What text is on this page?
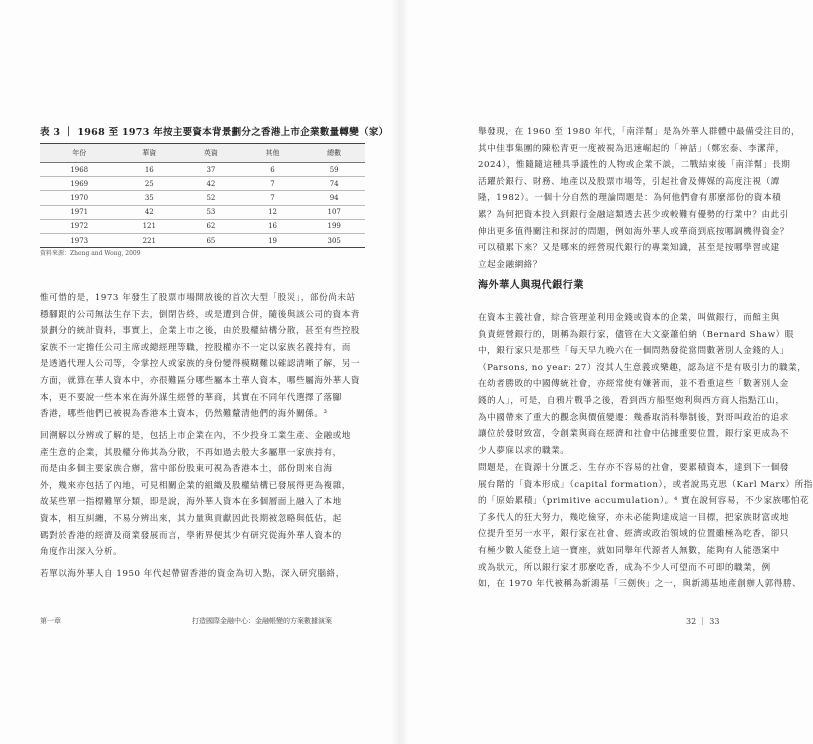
表 3 ｜ 1968 至 1973 年按主要資本背景劃分之香港上市企業數量轉變（家）
年份	華資	英資	其他	總數
1968	16	37	6	59
1969	25	42	7	74
1970	35	52	7	94
1971	42	53	12	107
1972	121	62	16	199
1973	221	65	19	305
資料來源：Zheng and Wong, 2009
惟可惜的是，1973 年發生了股票市場開放後的首次大型「股災」，部份尚未站
穩腳跟的公司無法生存下去，倒閉告終，或是遭到合併，隨後與該公司的資本背
景劃分的統計資料，事實上，企業上市之後，由於股權結構分散，甚至有些控股
家族不一定擔任公司主席或總經理等職，控股權亦不一定以家族名義持有，而
是透過代理人公司等，令掌控人或家族的身份變得模糊難以確認清晰了解，另一
方面，就算在華人資本中，亦很難區分哪些屬本土華人資本，哪些屬海外華人資
本，更不要說一些本來在海外謀生經營的華商，其實在不同年代選擇了落腳
香港，哪些他們已被視為香港本土資本，仍然難釐清他們的海外關係。³
回溯解以分辨或了解的是，包括上市企業在內，不少投身工業生產、金融或地
產生意的企業，其股權分佈其為分散，不再如過去般大多屬單一家族持有，
而是由多個主要家族合辦，當中部份股東可視為香港本土，部份則來自海
外，幾來亦包括了內地，可見相關企業的組織及股權結構已發展得更為複雜，
故某些單一指標難單分類，即是說，海外華人資本在多個層面上融入了本地
資本，相互糾纏，不易分辨出來，其力量與貢獻因此長期被忽略與低估，起
碼對於香港的經濟及商業發展而言，學術界便其少有研究從海外華人資本的
角度作出深入分析。
若單以海外華人自 1950 年代起帶留香港的資金為切入點，深入研究腦絡，
舉發現，在 1960 至 1980 年代，「南洋幫」是為外華人群體中最備受注目的，
其中佳事集團的陳松青更一度被視為迅速崛起的「神話」（鄭宏泰、李潔萍，
2024），惟隨隨這種具爭議性的人物或企業不談，二戰結束後「南洋幫」長期
活躍於銀行、財務、地產以及股票市場等，引起社會及傳媒的高度注視（譚
隆，1982）。一個十分自然的理論問題是：為何他們會有那麼部份的資本積
累？為何把資本投入到銀行金融這類透去甚少或較難有優勢的行業中？由此引
伸出更多值得關注和探討的問題，例如海外華人或華商到底按哪調機得資金？
可以積累下來？又是哪來的經營現代銀行的專業知識，甚至是按哪學習或建
立起金融網絡？
海外華人與現代銀行業
在資本主義社會，綜合管理並利用金錢或資本的企業，叫做銀行，而館主與
負責經營銀行的，則稱為銀行家，儘管在大文豪蕭伯納（Bernard Shaw）眼
中，銀行家只是那些「每天早九晚六在一個問熱發從當問數著別人金錢的人」
（Parsons, no year: 27）沒其人生意義或樂趣，認為這不是有吸引力的職業，
在幼者勝敗的中國傳統社會，亦經常使有嫌著而，並不看重這些「數著別人金
錢的人」，可是，自鴉片戰爭之後，看到西方船堅炮利與西方商人指點江山，
為中國帶來了重大的觀念與價值變遷：幾番取消科舉制後，對哥叫政治的追求
讓位於發財致富，令創業與商在經濟和社會中佔據重要位置，銀行家更成為不
少人夢寐以求的職業。
問題是，在資源十分匱乏、生存亦不容易的社會，要累積資本，達到下一個發
展台階的「資本形成」（capital formation），或者說馬克思（Karl Marx）所指
的「原始累積」（primitive accumulation）。⁴ 實在說何容易，不少家族哪怕花
了多代人的狂大努力，幾吃儉穿，亦未必能夠達成這一目標，把家族財富或地
位提升至另一水平，銀行家在社會、經濟或政治領域的位置雖極為吃香，卻只
有極少數人能登上這一寶座，就如同舉年代源者人無數，能夠有人能憑案中
或為狀元，所以銀行家才那麼吃香，成為不少人可望而不可即的職業，例
如，在 1970 年代被稱為新鴻基「三劍俠」之一，與新鴻基地產創辦人郭得勝、
第一章	打造國際金融中心：金融帳變的方案數據演案	32 ｜ 33
